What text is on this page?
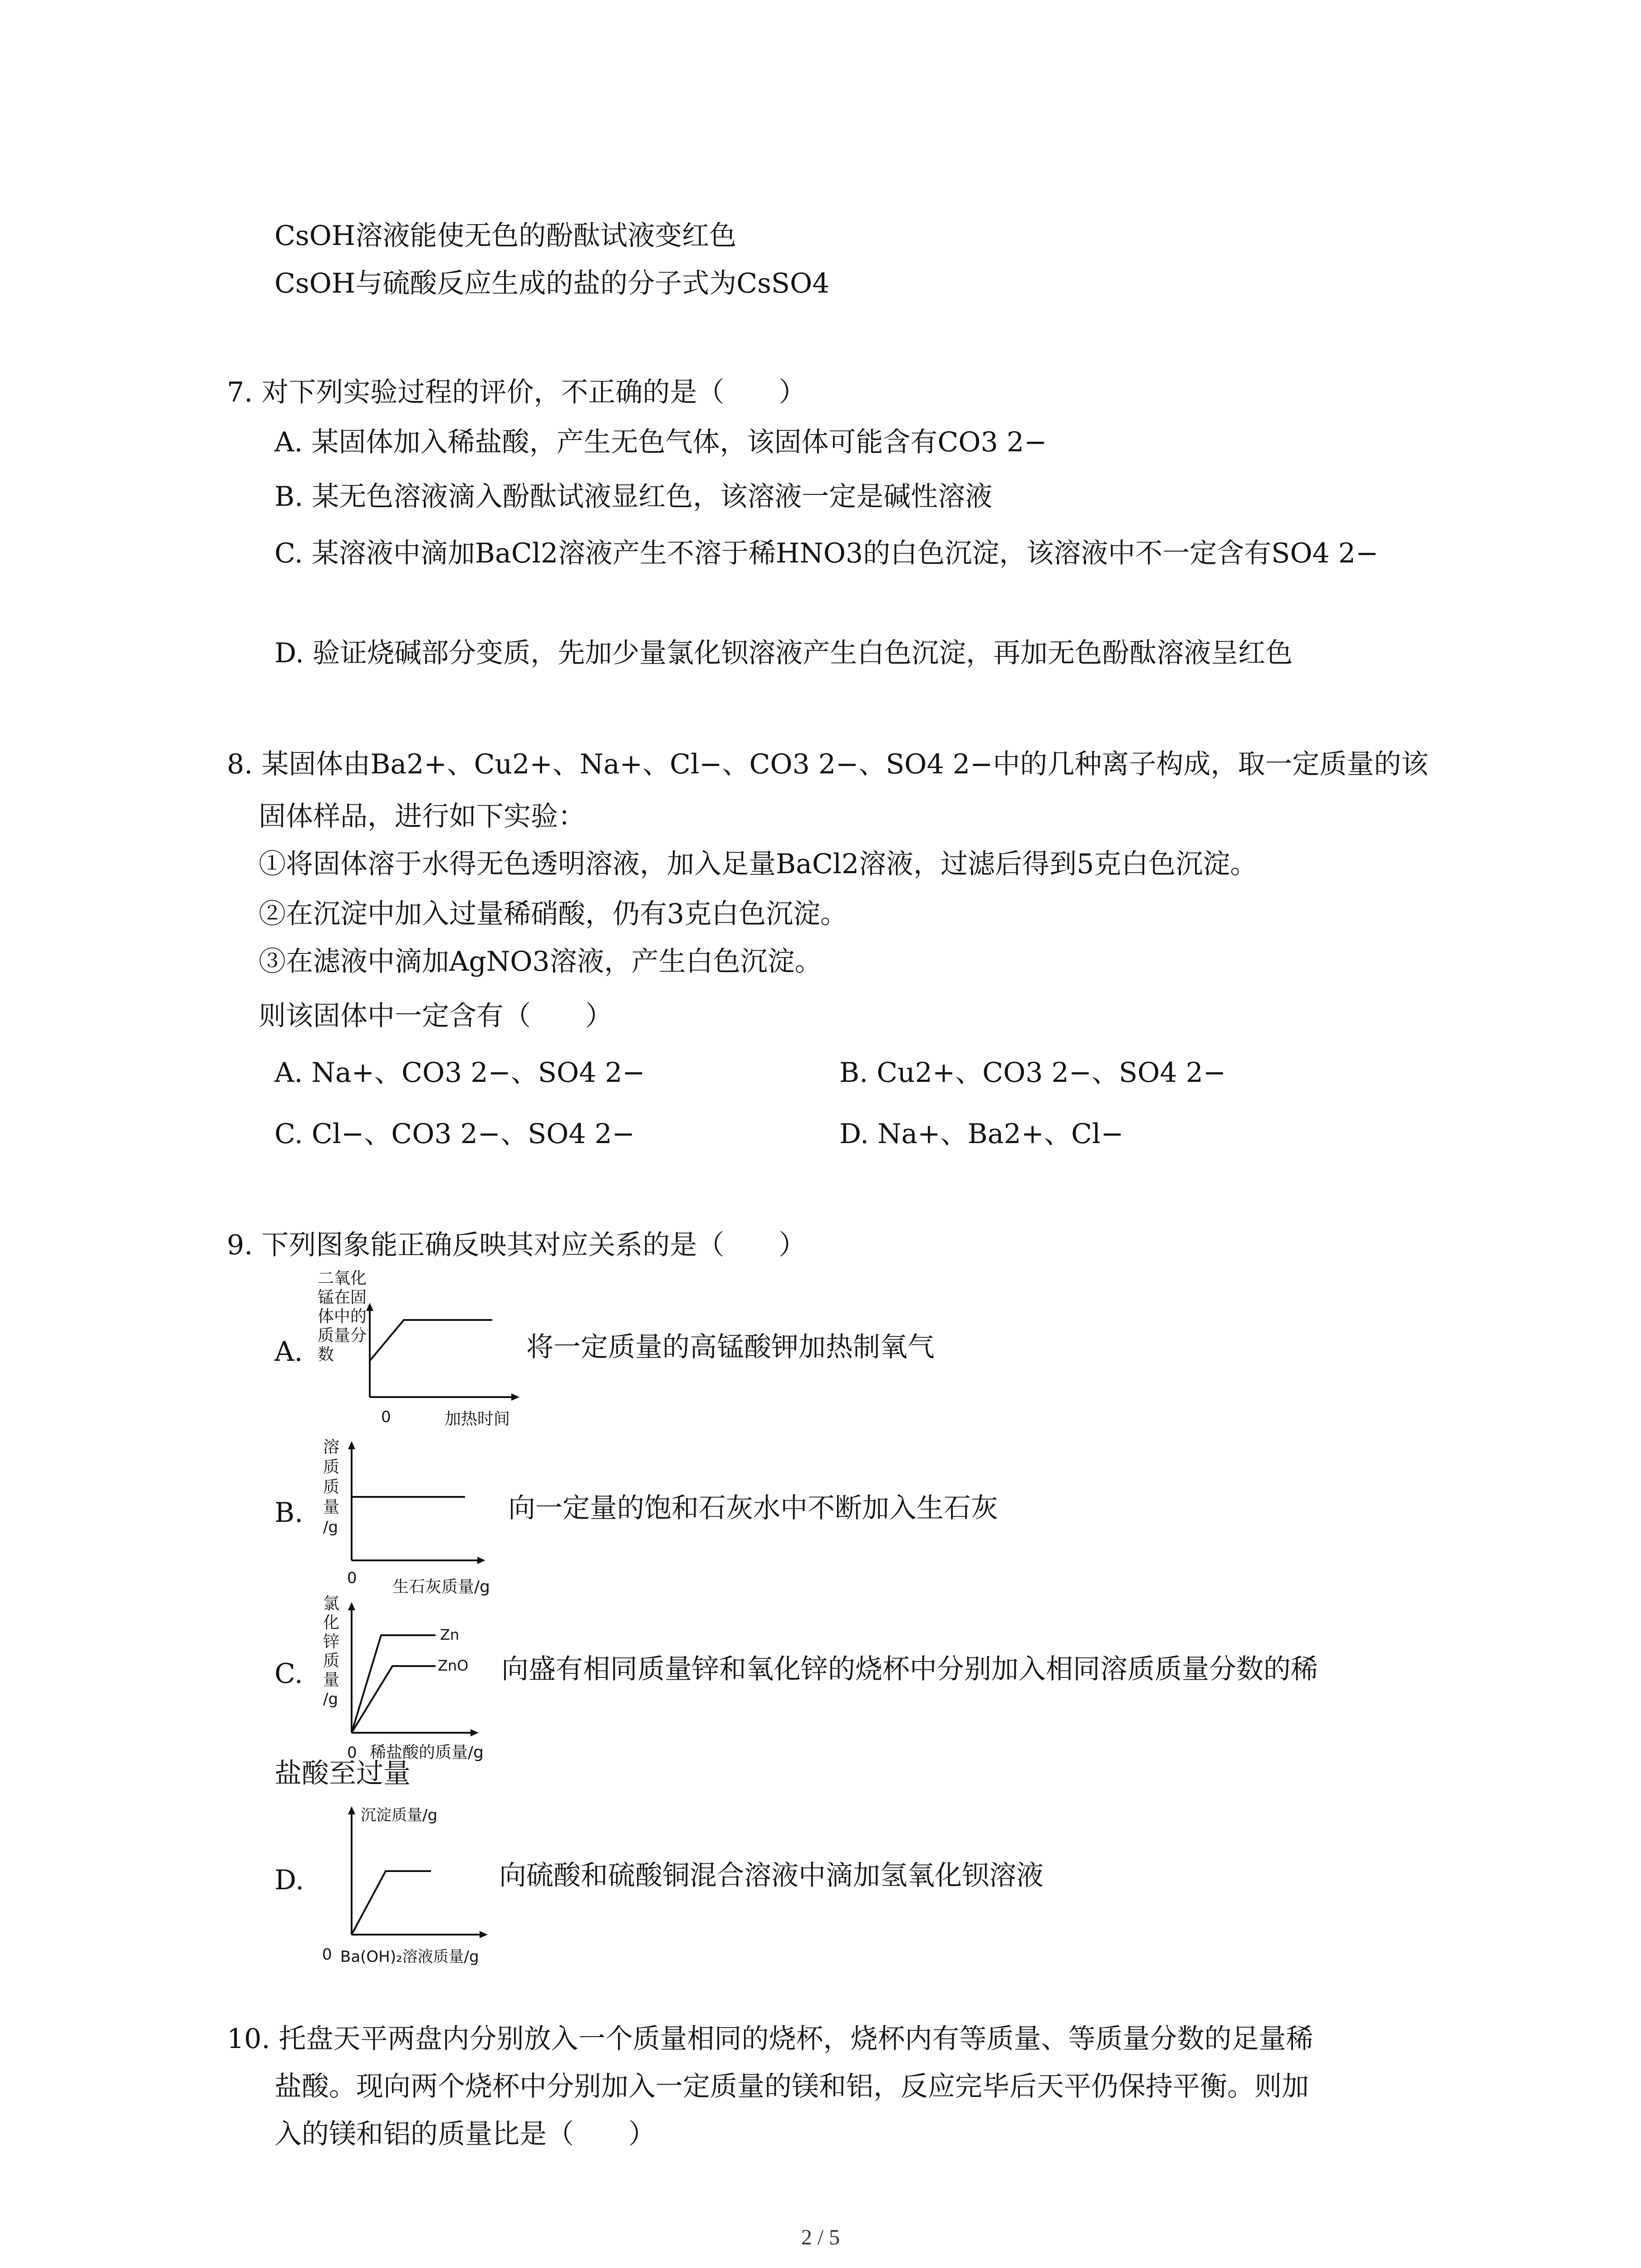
CsOH溶液能使无色的酚酞试液变红色
CsOH与硫酸反应生成的盐的分子式为CsSO4
7. 对下列实验过程的评价，不正确的是（　　）
A. 某固体加入稀盐酸，产生无色气体，该固体可能含有CO3 2−
B. 某无色溶液滴入酚酞试液显红色，该溶液一定是碱性溶液
C. 某溶液中滴加BaCl2溶液产生不溶于稀HNO3的白色沉淀，该溶液中不一定含有SO4 2−
D. 验证烧碱部分变质，先加少量氯化钡溶液产生白色沉淀，再加无色酚酞溶液呈红色
8. 某固体由Ba2+、Cu2+、Na+、Cl−、CO3 2−、SO4 2−中的几种离子构成，取一定质量的该
固体样品，进行如下实验：
①将固体溶于水得无色透明溶液，加入足量BaCl2溶液，过滤后得到5克白色沉淀。
②在沉淀中加入过量稀硝酸，仍有3克白色沉淀。
③在滤液中滴加AgNO3溶液，产生白色沉淀。
则该固体中一定含有（　　）
A. Na+、CO3 2−、SO4 2−	B. Cu2+、CO3 2−、SO4 2−
C. Cl−、CO3 2−、SO4 2−	D. Na+、Ba2+、Cl−
9. 下列图象能正确反映其对应关系的是（　　）
A.
二氧化
锰在固
体中的
质量分
数
0	加热时间
将一定质量的高锰酸钾加热制氧气
B.
溶
质
质
量
/g
0 生石灰质量/g
向一定量的饱和石灰水中不断加入生石灰
C.
氯
化
锌
质
量
/g
Zn
ZnO
0 稀盐酸的质量/g
向盛有相同质量锌和氧化锌的烧杯中分别加入相同溶质质量分数的稀
盐酸至过量
D.
沉淀质量/g
0 Ba(OH)₂溶液质量/g
向硫酸和硫酸铜混合溶液中滴加氢氧化钡溶液
10. 托盘天平两盘内分别放入一个质量相同的烧杯，烧杯内有等质量、等质量分数的足量稀
盐酸。现向两个烧杯中分别加入一定质量的镁和铝，反应完毕后天平仍保持平衡。则加
入的镁和铝的质量比是（　　）
2 / 5
